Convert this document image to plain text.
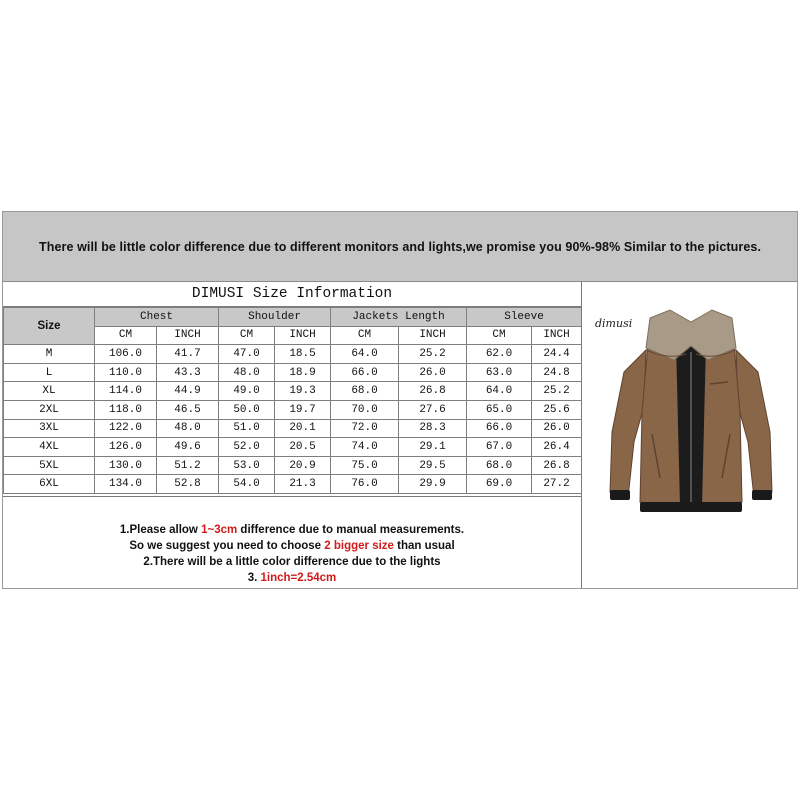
There will be little color difference due to different monitors and lights,we promise you 90%-98% Similar to the pictures.
DIMUSI Size Information
Size	Chest		Shoulder		Jackets Length		Sleeve	
	CM	INCH	CM	INCH	CM	INCH	CM	INCH
M	106.0	41.7	47.0	18.5	64.0	25.2	62.0	24.4
L	110.0	43.3	48.0	18.9	66.0	26.0	63.0	24.8
XL	114.0	44.9	49.0	19.3	68.0	26.8	64.0	25.2
2XL	118.0	46.5	50.0	19.7	70.0	27.6	65.0	25.6
3XL	122.0	48.0	51.0	20.1	72.0	28.3	66.0	26.0
4XL	126.0	49.6	52.0	20.5	74.0	29.1	67.0	26.4
5XL	130.0	51.2	53.0	20.9	75.0	29.5	68.0	26.8
6XL	134.0	52.8	54.0	21.3	76.0	29.9	69.0	27.2
1.Please allow 1~3cm difference due to manual measurements.
So we suggest you need to choose 2 bigger size than usual
2.There will be a little color difference due to the lights
3. 1inch=2.54cm
dimusi
